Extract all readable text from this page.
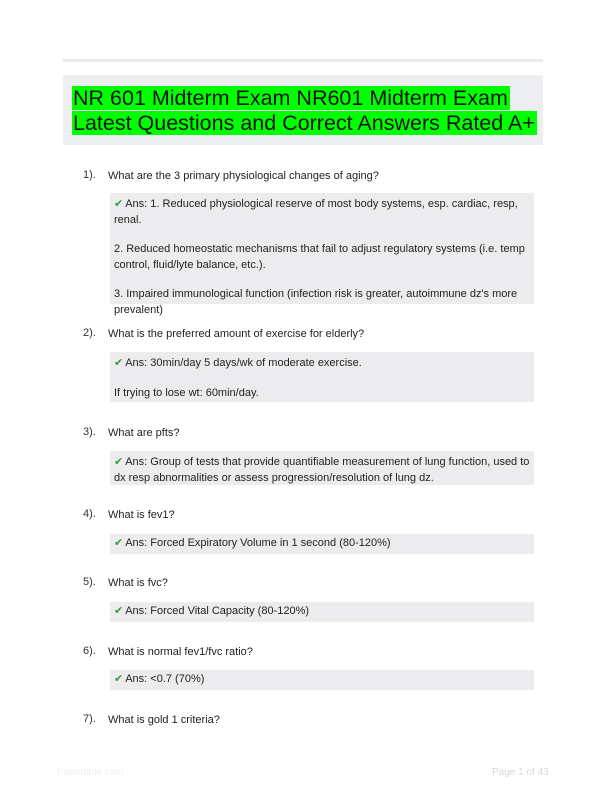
NR 601 Midterm Exam NR601 Midterm Exam
Latest Questions and Correct Answers Rated A+
1). What are the 3 primary physiological changes of aging?

✔ Ans: 1. Reduced physiological reserve of most body systems, esp. cardiac, resp, renal.

2. Reduced homeostatic mechanisms that fail to adjust regulatory systems (i.e. temp control, fluid/lyte balance, etc.).

3. Impaired immunological function (infection risk is greater, autoimmune dz's more prevalent)

2). What is the preferred amount of exercise for elderly?

✔ Ans: 30min/day 5 days/wk of moderate exercise.

If trying to lose wt: 60min/day.

3). What are pfts?

✔ Ans: Group of tests that provide quantifiable measurement of lung function, used to dx resp abnormalities or assess progression/resolution of lung dz.

4). What is fev1?

✔ Ans: Forced Expiratory Volume in 1 second (80-120%)

5). What is fvc?

✔ Ans: Forced Vital Capacity (80-120%)

6). What is normal fev1/fvc ratio?

✔ Ans: <0.7 (70%)

7). What is gold 1 criteria?
Papertible.com	Page 1 of 43
